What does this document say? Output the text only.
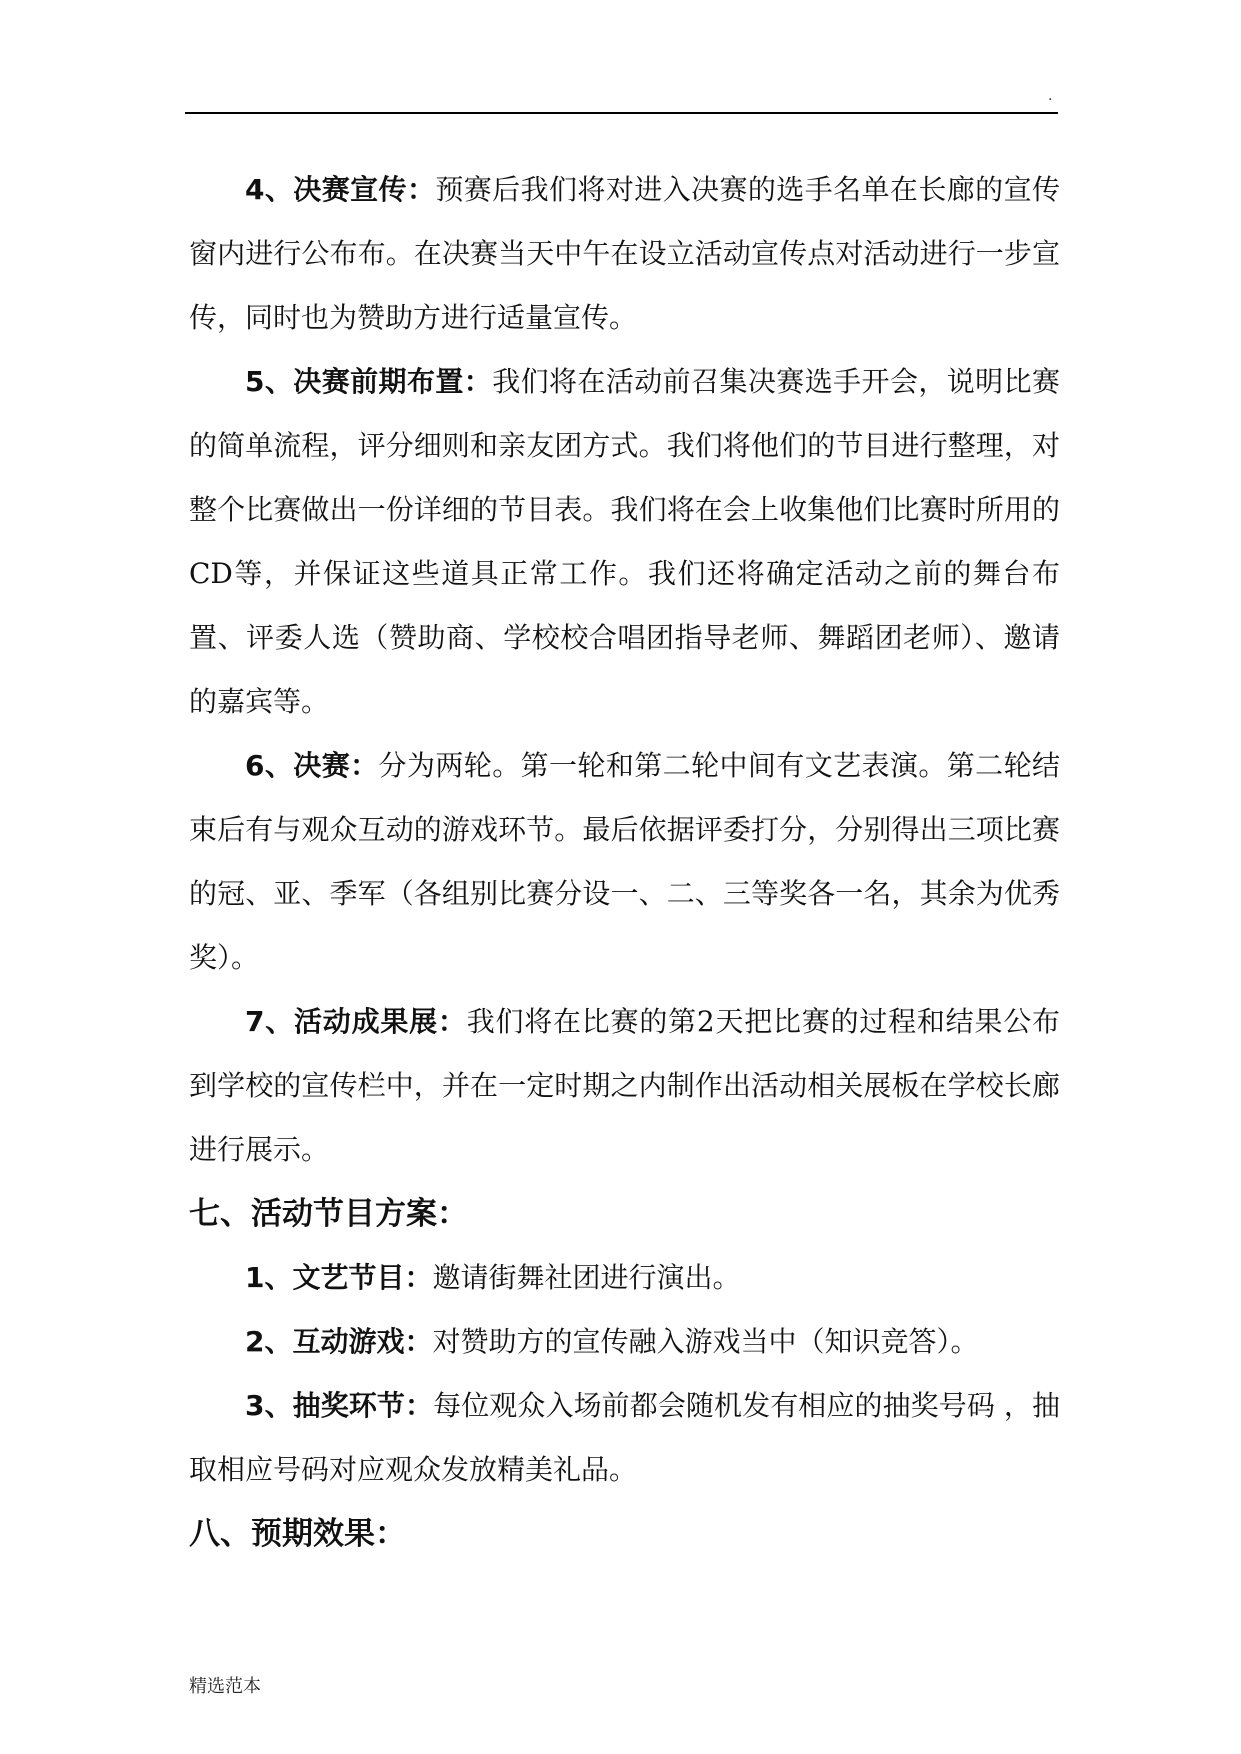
.

4、决赛宣传：预赛后我们将对进入决赛的选手名单在长廊的宣传窗内进行公布布。在决赛当天中午在设立活动宣传点对活动进行一步宣传，同时也为赞助方进行适量宣传。

5、决赛前期布置：我们将在活动前召集决赛选手开会，说明比赛的简单流程，评分细则和亲友团方式。我们将他们的节目进行整理，对整个比赛做出一份详细的节目表。我们将在会上收集他们比赛时所用的CD等，并保证这些道具正常工作。我们还将确定活动之前的舞台布置、评委人选（赞助商、学校校合唱团指导老师、舞蹈团老师）、邀请的嘉宾等。

6、决赛：分为两轮。第一轮和第二轮中间有文艺表演。第二轮结束后有与观众互动的游戏环节。最后依据评委打分，分别得出三项比赛的冠、亚、季军（各组别比赛分设一、二、三等奖各一名，其余为优秀奖）。

7、活动成果展：我们将在比赛的第2天把比赛的过程和结果公布到学校的宣传栏中，并在一定时期之内制作出活动相关展板在学校长廊进行展示。

七、活动节目方案：

1、文艺节目：邀请街舞社团进行演出。

2、互动游戏：对赞助方的宣传融入游戏当中（知识竞答）。

3、抽奖环节：每位观众入场前都会随机发有相应的抽奖号码 ，抽取相应号码对应观众发放精美礼品。

八、预期效果：
精选范本
